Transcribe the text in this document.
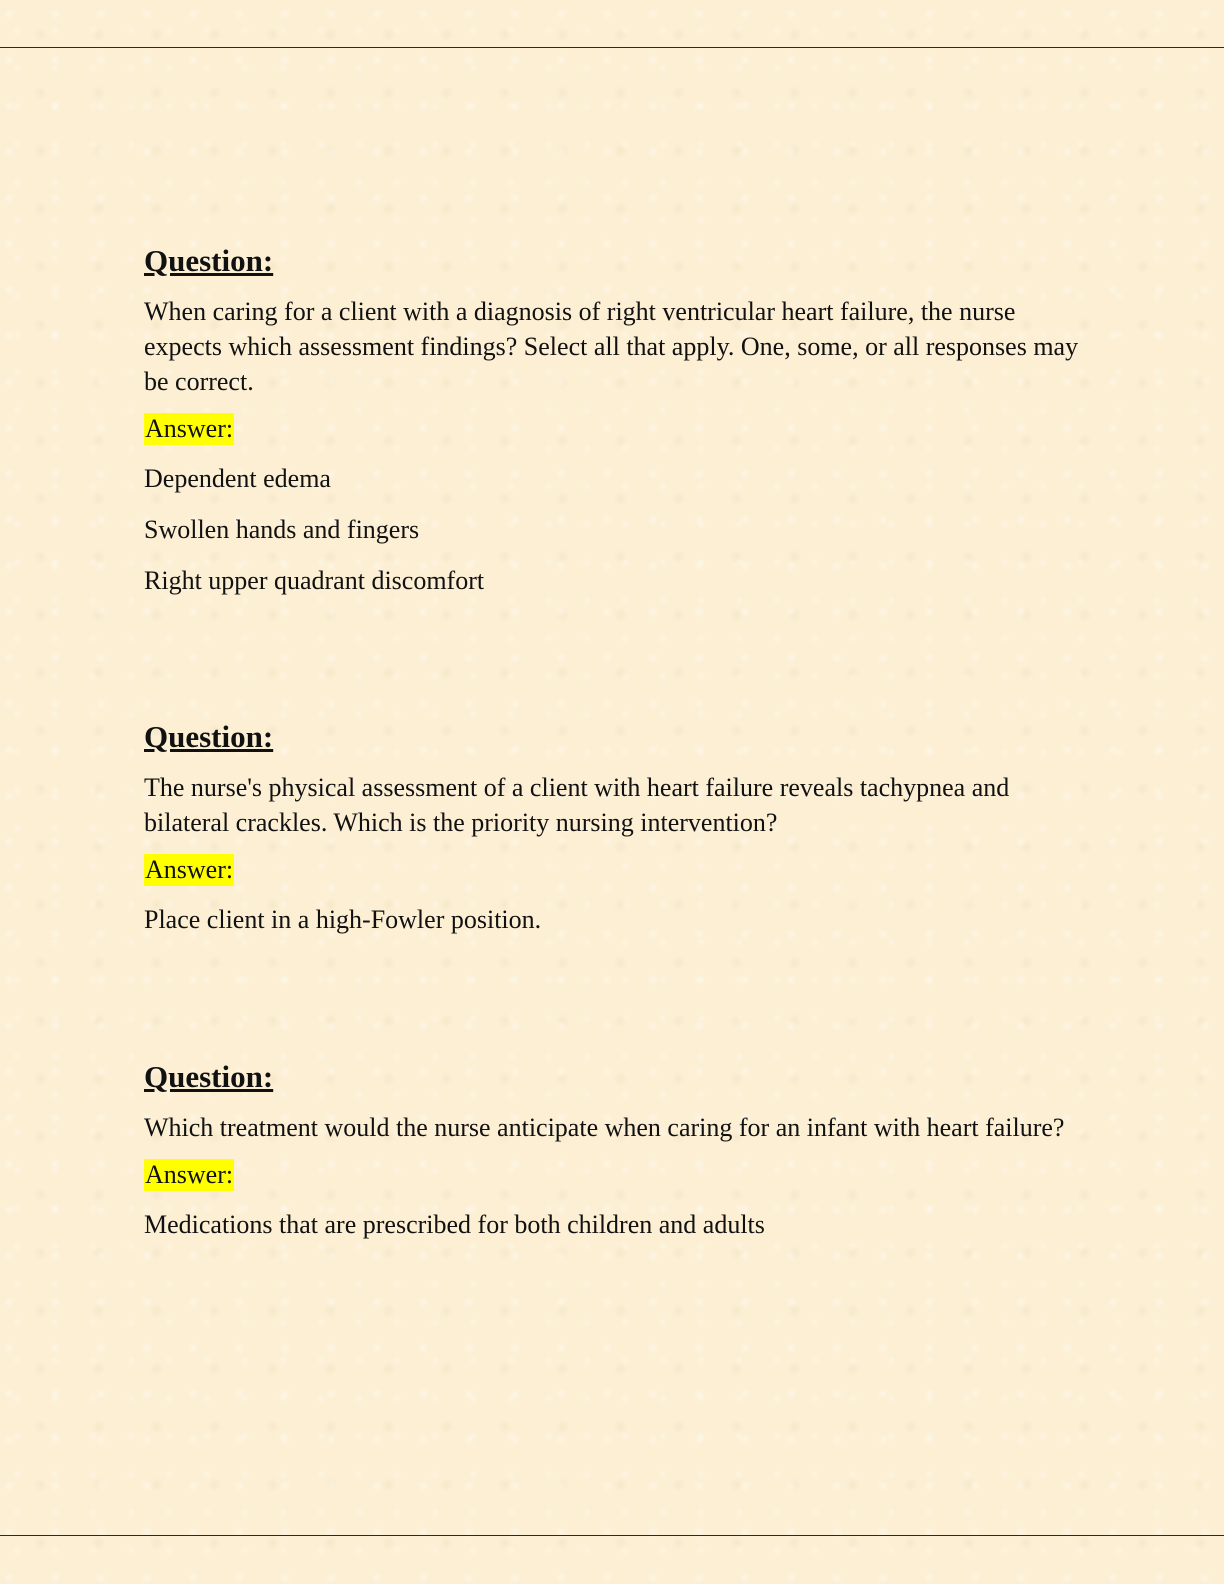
Question:
When caring for a client with a diagnosis of right ventricular heart failure, the nurse expects which assessment findings? Select all that apply. One, some, or all responses may be correct.
Answer:
Dependent edema
Swollen hands and fingers
Right upper quadrant discomfort
Question:
The nurse's physical assessment of a client with heart failure reveals tachypnea and bilateral crackles. Which is the priority nursing intervention?
Answer:
Place client in a high-Fowler position.
Question:
Which treatment would the nurse anticipate when caring for an infant with heart failure?
Answer:
Medications that are prescribed for both children and adults
